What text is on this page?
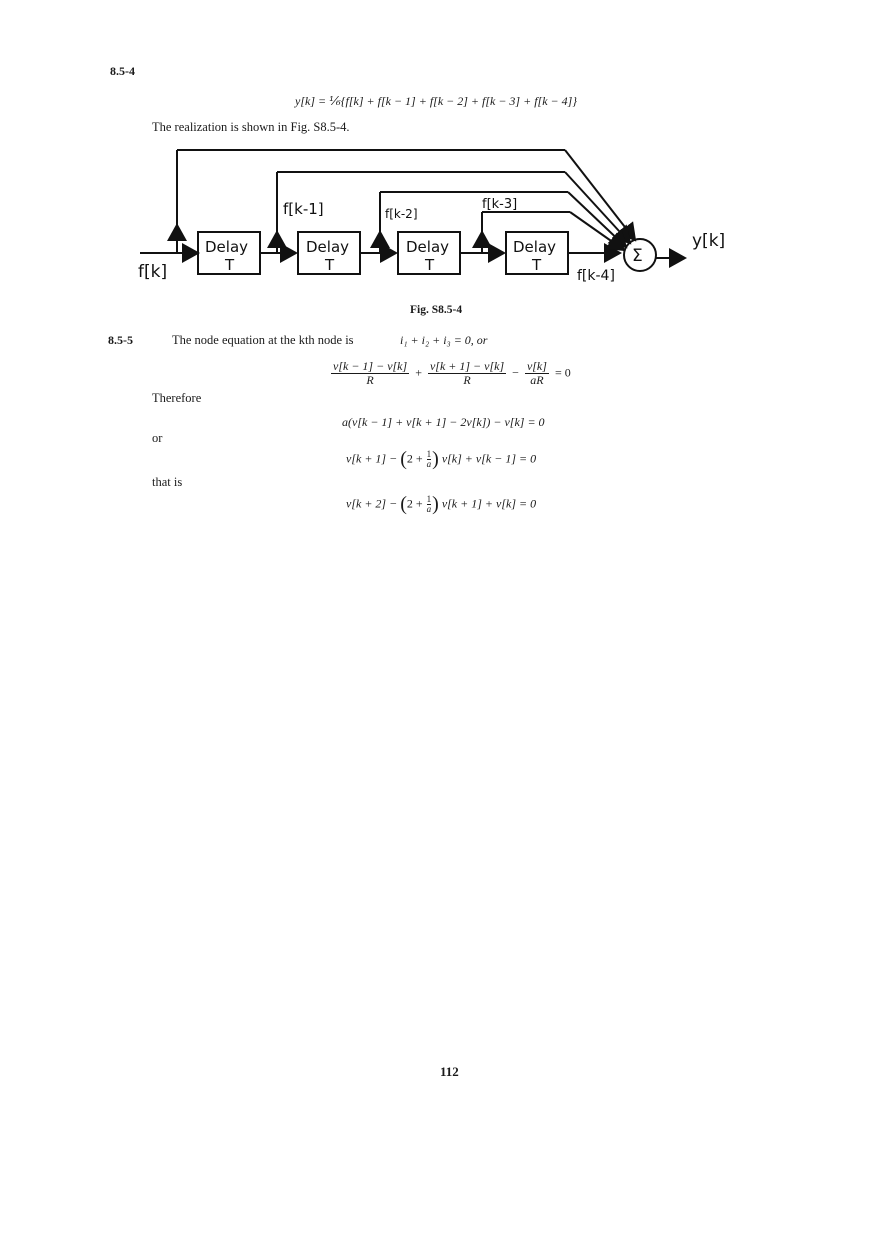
8.5-4
y[k] = ⅙{f[k] + f[k − 1] + f[k − 2] + f[k − 3] + f[k − 4]}
The realization is shown in Fig. S8.5-4.
f[k]
Delay
T
Delay
T
Delay
T
Delay
T
f[k-1]	f[k-2]
f[k-3]
f[k-4]
Σ
y[k]
Fig. S8.5-4
8.5-5	The node equation at the kth node is	i₁ + i₂ + i₃ = 0, or
$\frac{v[k - 1] - v[k]}{R} + \frac{v[k + 1] - v[k]}{R} - \frac{v[k]}{aR} = 0$
Therefore
a(v[k − 1] + v[k + 1] − 2v[k]) − v[k] = 0
or
$v[k + 1] - (2 + \frac{1}{a}$ ) v[k] + v[k − 1] = 0
that is
$v[k + 2] - (2 + \frac{1}{a}$ ) v[k + 1] + v[k] = 0
112
